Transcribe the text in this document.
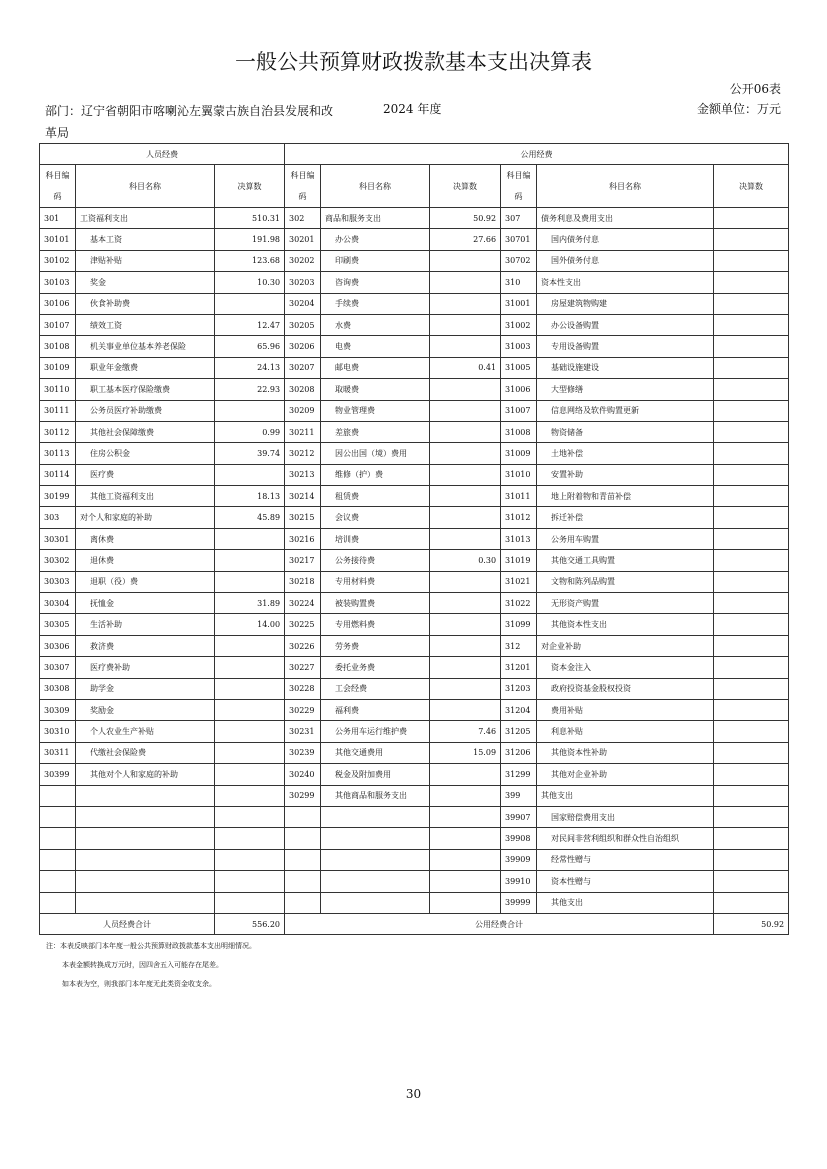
一般公共预算财政拨款基本支出决算表
公开06表
部门：辽宁省朝阳市喀喇沁左翼蒙古族自治县发展和改革局
2024 年度	金额单位：万元
人员经费			公用经费					
科目编码	科目名称	决算数	科目编码	科目名称	决算数	科目编码	科目名称	决算数
301	工资福利支出	510.31	302	商品和服务支出	50.92	307	债务利息及费用支出	
30101	基本工资	191.98	30201	办公费	27.66	30701	国内债务付息	
30102	津贴补贴	123.68	30202	印刷费		30702	国外债务付息	
30103	奖金	10.30	30203	咨询费		310	资本性支出	
30106	伙食补助费		30204	手续费		31001	房屋建筑物购建	
30107	绩效工资	12.47	30205	水费		31002	办公设备购置	
30108	机关事业单位基本养老保险	65.96	30206	电费		31003	专用设备购置	
30109	职业年金缴费	24.13	30207	邮电费	0.41	31005	基础设施建设	
30110	职工基本医疗保险缴费	22.93	30208	取暖费		31006	大型修缮	
30111	公务员医疗补助缴费		30209	物业管理费		31007	信息网络及软件购置更新	
30112	其他社会保障缴费	0.99	30211	差旅费		31008	物资储备	
30113	住房公积金	39.74	30212	因公出国（境）费用		31009	土地补偿	
30114	医疗费		30213	维修（护）费		31010	安置补助	
30199	其他工资福利支出	18.13	30214	租赁费		31011	地上附着物和青苗补偿	
303	对个人和家庭的补助	45.89	30215	会议费		31012	拆迁补偿	
30301	离休费		30216	培训费		31013	公务用车购置	
30302	退休费		30217	公务接待费	0.30	31019	其他交通工具购置	
30303	退职（役）费		30218	专用材料费		31021	文物和陈列品购置	
30304	抚恤金	31.89	30224	被装购置费		31022	无形资产购置	
30305	生活补助	14.00	30225	专用燃料费		31099	其他资本性支出	
30306	救济费		30226	劳务费		312	对企业补助	
30307	医疗费补助		30227	委托业务费		31201	资本金注入	
30308	助学金		30228	工会经费		31203	政府投资基金股权投资	
30309	奖励金		30229	福利费		31204	费用补贴	
30310	个人农业生产补贴		30231	公务用车运行维护费	7.46	31205	利息补贴	
30311	代缴社会保险费		30239	其他交通费用	15.09	31206	其他资本性补助	
30399	其他对个人和家庭的补助		30240	税金及附加费用		31299	其他对企业补助	
			30299	其他商品和服务支出		399	其他支出	
						39907	国家赔偿费用支出	
						39908	对民间非营利组织和群众性自治组织	
						39909	经常性赠与	
						39910	资本性赠与	
						39999	其他支出	
人员经费合计		556.20	公用经费合计					50.92
注：本表反映部门本年度一般公共预算财政拨款基本支出明细情况。
本表金额转换成万元时，因四舍五入可能存在尾差。
如本表为空，则我部门本年度无此类资金收支余。
30
